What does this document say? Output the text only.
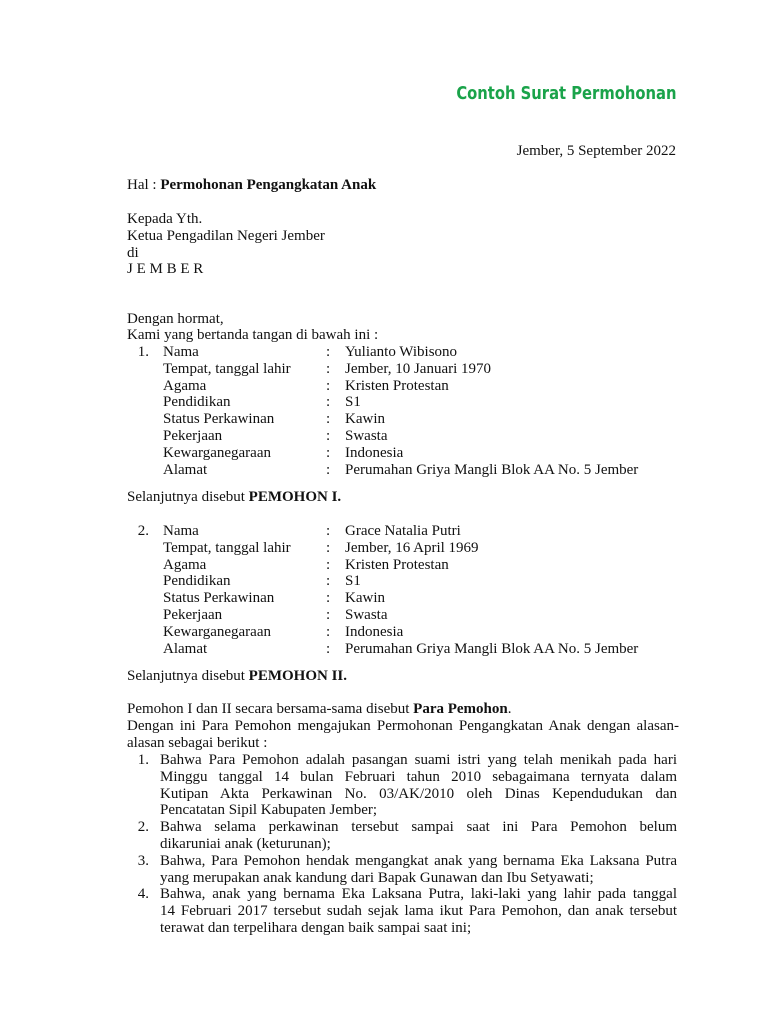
Contoh Surat Permohonan
Jember, 5 September 2022
Hal : Permohonan Pengangkatan Anak
Kepada Yth.
Ketua Pengadilan Negeri Jember
di
J E M B E R
Dengan hormat,
Kami yang bertanda tangan di bawah ini :
1. Nama	: Yulianto Wibisono
Tempat, tanggal lahir : Jember, 10 Januari 1970
Agama	: Kristen Protestan
Pendidikan	: S1
Status Perkawinan	: Kawin
Pekerjaan	: Swasta
Kewarganegaraan	: Indonesia
Alamat	: Perumahan Griya Mangli Blok AA No. 5 Jember
Selanjutnya disebut PEMOHON I.
2. Nama	: Grace Natalia Putri
Tempat, tanggal lahir : Jember, 16 April 1969
Agama	: Kristen Protestan
Pendidikan	: S1
Status Perkawinan	: Kawin
Pekerjaan	: Swasta
Kewarganegaraan	: Indonesia
Alamat	: Perumahan Griya Mangli Blok AA No. 5 Jember
Selanjutnya disebut PEMOHON II.
Pemohon I dan II secara bersama-sama disebut Para Pemohon.
Dengan ini Para Pemohon mengajukan Permohonan Pengangkatan Anak dengan alasan-
alasan sebagai berikut :
1. Bahwa Para Pemohon adalah pasangan suami istri yang telah menikah pada hari
Minggu tanggal 14 bulan Februari tahun 2010 sebagaimana ternyata dalam
Kutipan Akta Perkawinan No. 03/AK/2010 oleh Dinas Kependudukan dan
Pencatatan Sipil Kabupaten Jember;
2. Bahwa selama perkawinan tersebut sampai saat ini Para Pemohon belum
dikaruniai anak (keturunan);
3. Bahwa, Para Pemohon hendak mengangkat anak yang bernama Eka Laksana Putra
yang merupakan anak kandung dari Bapak Gunawan dan Ibu Setyawati;
4. Bahwa, anak yang bernama Eka Laksana Putra, laki-laki yang lahir pada tanggal
14 Februari 2017 tersebut sudah sejak lama ikut Para Pemohon, dan anak tersebut
terawat dan terpelihara dengan baik sampai saat ini;
